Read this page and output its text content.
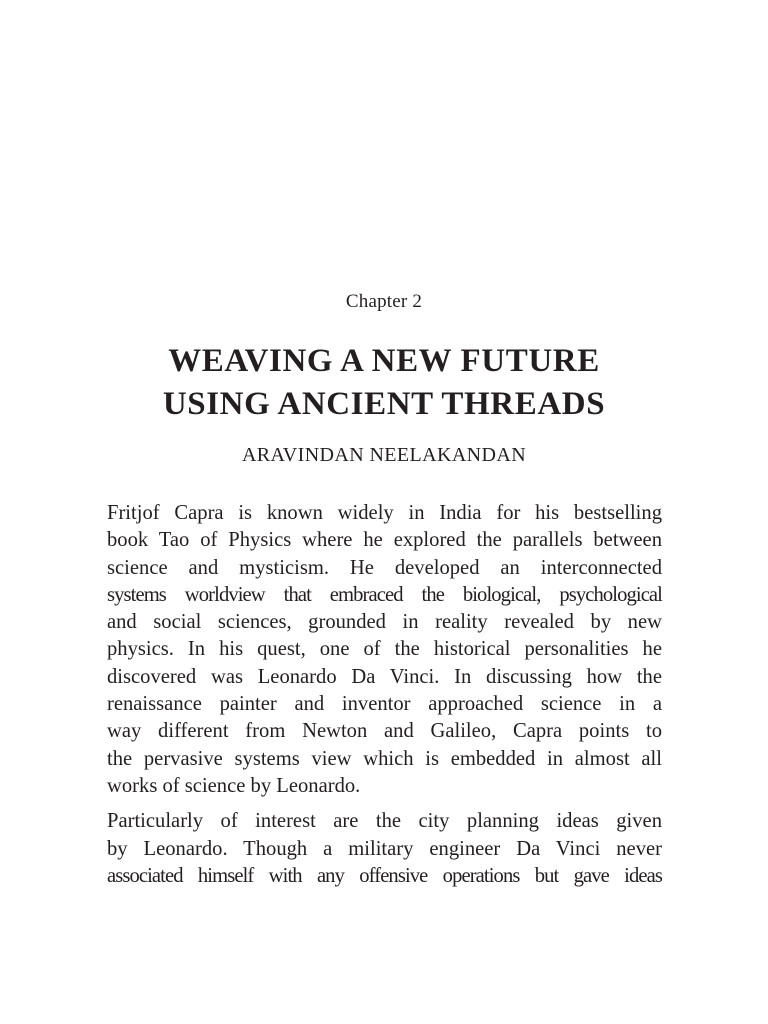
Chapter 2
WEAVING A NEW FUTURE
USING ANCIENT THREADS
ARAVINDAN NEELAKANDAN

Fritjof Capra is known widely in India for his bestselling
book Tao of Physics where he explored the parallels between
science and mysticism. He developed an interconnected
systems worldview that embraced the biological, psychological
and social sciences, grounded in reality revealed by new
physics. In his quest, one of the historical personalities he
discovered was Leonardo Da Vinci. In discussing how the
renaissance painter and inventor approached science in a
way different from Newton and Galileo, Capra points to
the pervasive systems view which is embedded in almost all
works of science by Leonardo.

Particularly of interest are the city planning ideas given
by Leonardo. Though a military engineer Da Vinci never
associated himself with any offensive operations but gave ideas
